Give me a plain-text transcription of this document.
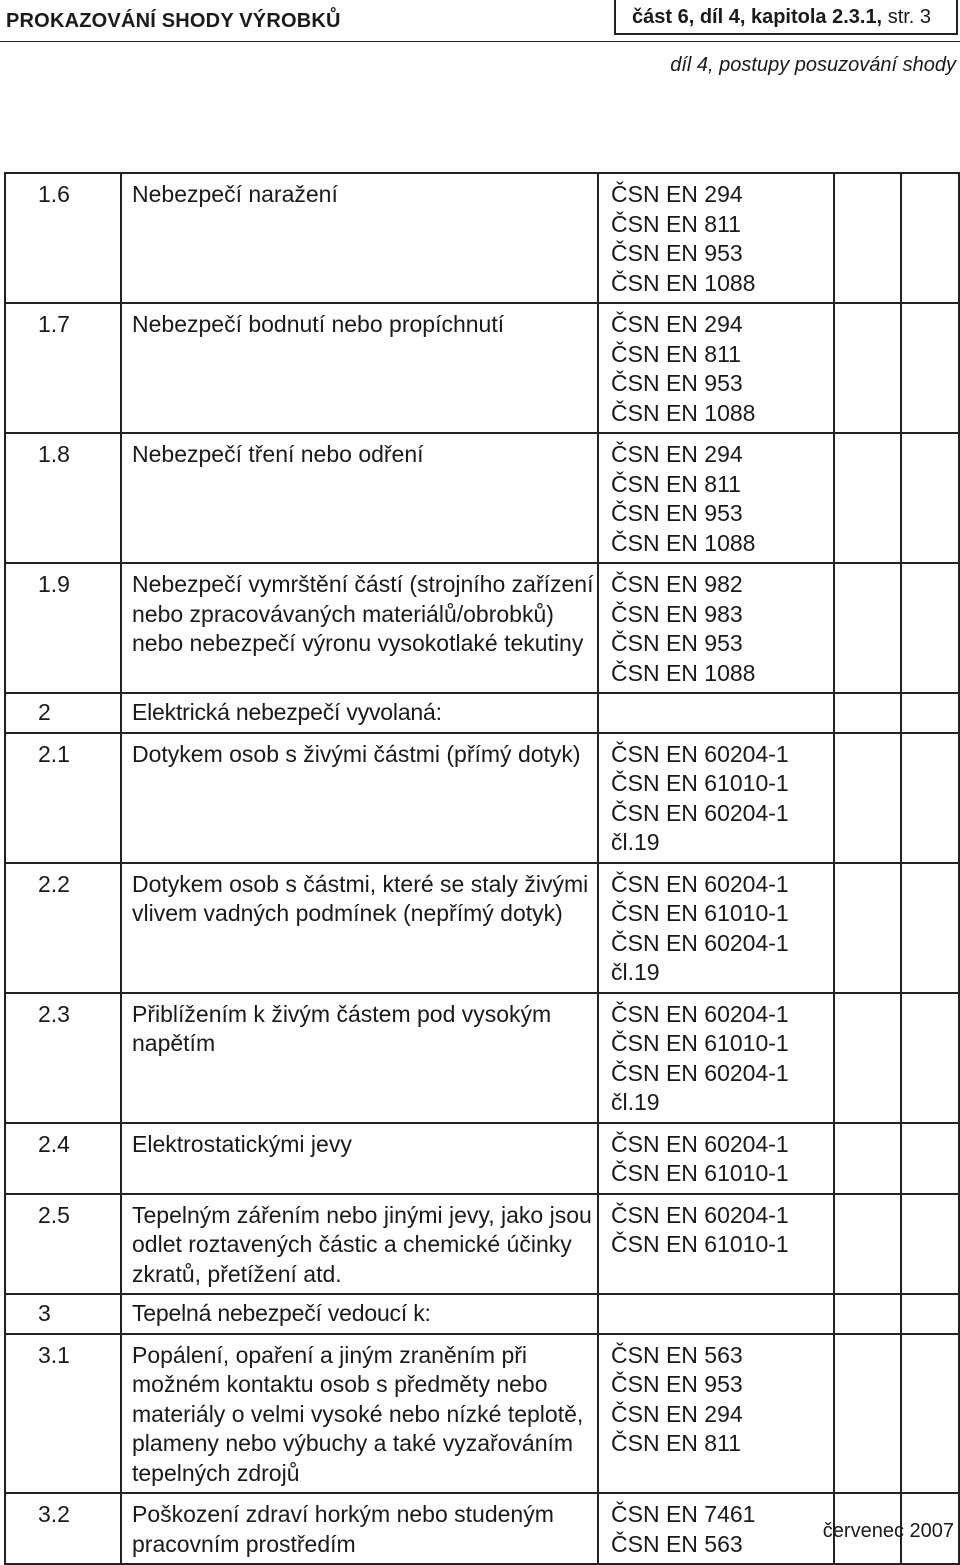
PROKAZOVÁNÍ SHODY VÝROBKŮ	část 6, díl 4, kapitola 2.3.1, str. 3
díl 4, postupy posuzování shody
1.6	Nebezpečí naražení	ČSN EN 294
ČSN EN 811
ČSN EN 953
ČSN EN 1088		
1.7	Nebezpečí bodnutí nebo propíchnutí	ČSN EN 294
ČSN EN 811
ČSN EN 953
ČSN EN 1088		
1.8	Nebezpečí tření nebo odření	ČSN EN 294
ČSN EN 811
ČSN EN 953
ČSN EN 1088		
1.9	Nebezpečí vymrštění částí (strojního zařízení
nebo zpracovávaných materiálů/obrobků)
nebo nebezpečí výronu vysokotlaké tekutiny	ČSN EN 982
ČSN EN 983
ČSN EN 953
ČSN EN 1088		
2	Elektrická nebezpečí vyvolaná:			
2.1	Dotykem osob s živými částmi (přímý dotyk)	ČSN EN 60204-1
ČSN EN 61010-1
ČSN EN 60204-1 čl.19		
2.2	Dotykem osob s částmi, které se staly živými
vlivem vadných podmínek (nepřímý dotyk)	ČSN EN 60204-1
ČSN EN 61010-1
ČSN EN 60204-1 čl.19		
2.3	Přiblížením k živým částem pod vysokým
napětím	ČSN EN 60204-1
ČSN EN 61010-1
ČSN EN 60204-1 čl.19		
2.4	Elektrostatickými jevy	ČSN EN 60204-1
ČSN EN 61010-1		
2.5	Tepelným zářením nebo jinými jevy, jako jsou
odlet roztavených částic a chemické účinky
zkratů, přetížení atd.	ČSN EN 60204-1
ČSN EN 61010-1		
3	Tepelná nebezpečí vedoucí k:			
3.1	Popálení, opaření a jiným zraněním při
možném kontaktu osob s předměty nebo
materiály o velmi vysoké nebo nízké teplotě,
plameny nebo výbuchy a také vyzařováním
tepelných zdrojů	ČSN EN 563
ČSN EN 953
ČSN EN 294
ČSN EN 811		
3.2	Poškození zdraví horkým nebo studeným
pracovním prostředím	ČSN EN 7461
ČSN EN 563			červenec 2007
